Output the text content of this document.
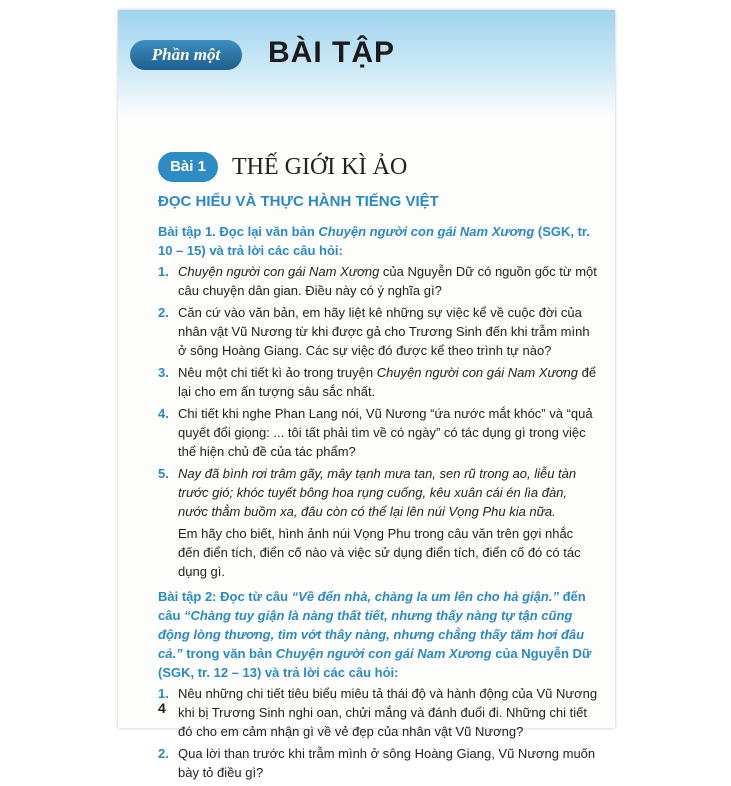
Phần một	BÀI TẬP
Bài 1	THẾ GIỚI KÌ ẢO
ĐỌC HIỂU VÀ THỰC HÀNH TIẾNG VIỆT
Bài tập 1. Đọc lại văn bản Chuyện người con gái Nam Xương (SGK, tr. 10 – 15) và trả lời các câu hỏi:
1. Chuyện người con gái Nam Xương của Nguyễn Dữ có nguồn gốc từ một câu chuyện dân gian. Điều này có ý nghĩa gì?
2. Căn cứ vào văn bản, em hãy liệt kê những sự việc kể về cuộc đời của nhân vật Vũ Nương từ khi được gả cho Trương Sinh đến khi trẫm mình ở sông Hoàng Giang. Các sự việc đó được kể theo trình tự nào?
3. Nêu một chi tiết kì ảo trong truyện Chuyện người con gái Nam Xương để lại cho em ấn tượng sâu sắc nhất.
4. Chi tiết khi nghe Phan Lang nói, Vũ Nương “ứa nước mắt khóc” và “quả quyết đổi giọng: ... tôi tất phải tìm về có ngày” có tác dụng gì trong việc thể hiện chủ đề của tác phẩm?
5. Nay đã bình rơi trâm gãy, mây tạnh mưa tan, sen rũ trong ao, liễu tàn trước gió; khóc tuyết bông hoa rụng cuống, kêu xuân cái én lìa đàn, nước thẳm buồm xa, đâu còn có thể lại lên núi Vọng Phu kia nữa.
Em hãy cho biết, hình ảnh núi Vọng Phu trong câu văn trên gợi nhắc đến điển tích, điển cố nào và việc sử dụng điển tích, điển cố đó có tác dụng gì.
Bài tập 2: Đọc từ câu “Về đến nhà, chàng la um lên cho hả giận.” đến câu “Chàng tuy giận là nàng thất tiết, nhưng thấy nàng tự tận cũng động lòng thương, tìm vớt thây nàng, nhưng chẳng thấy tăm hơi đâu cả.” trong văn bản Chuyện người con gái Nam Xương của Nguyễn Dữ (SGK, tr. 12 – 13) và trả lời các câu hỏi:
1. Nêu những chi tiết tiêu biểu miêu tả thái độ và hành động của Vũ Nương khi bị Trương Sinh nghi oan, chửi mắng và đánh đuổi đi. Những chi tiết đó cho em cảm nhận gì về vẻ đẹp của nhân vật Vũ Nương?
2. Qua lời than trước khi trẫm mình ở sông Hoàng Giang, Vũ Nương muốn bày tỏ điều gì?
4
